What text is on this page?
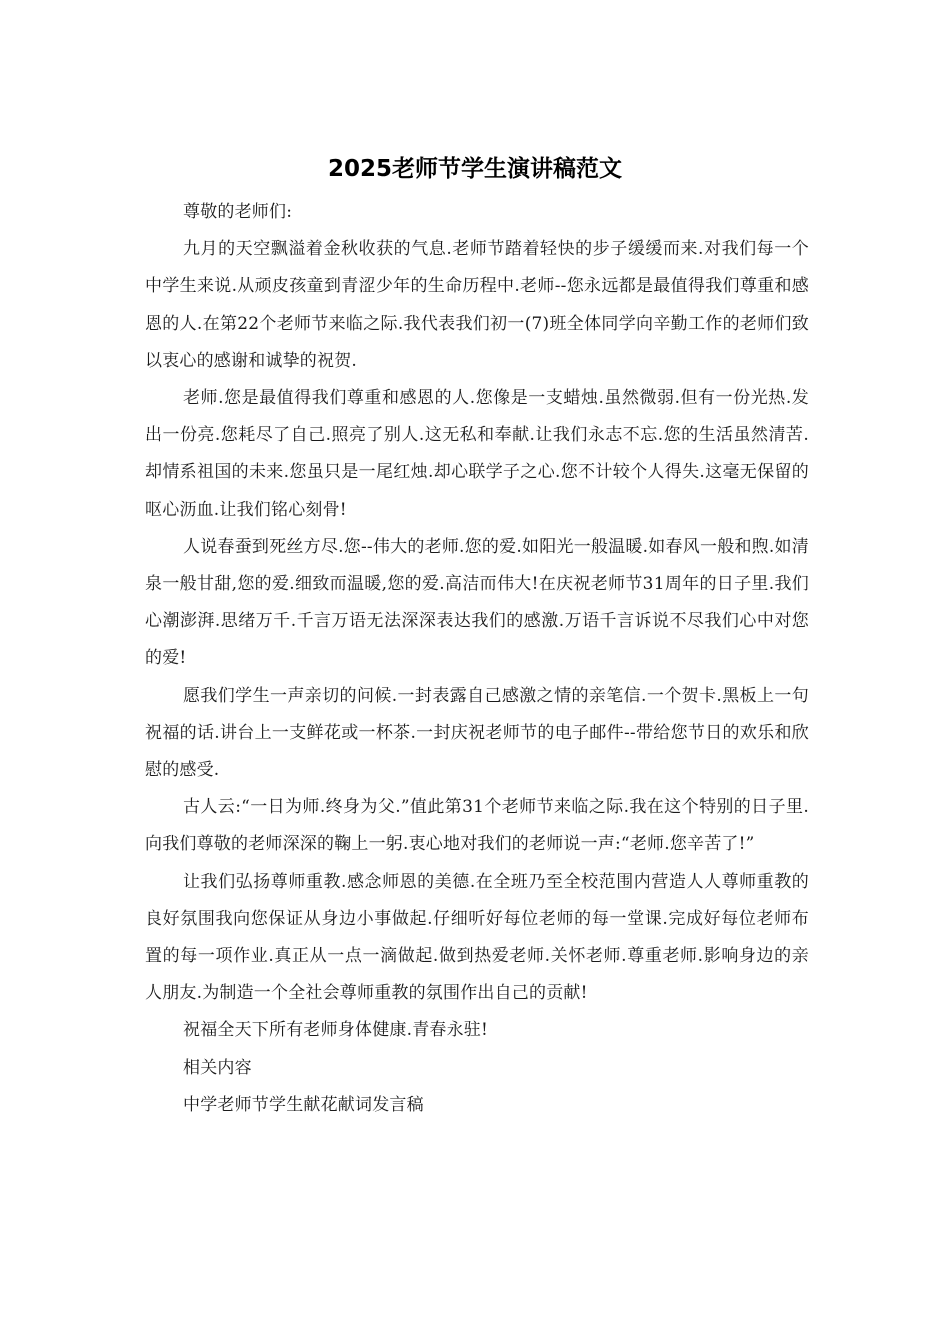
2025老师节学生演讲稿范文

尊敬的老师们:

九月的天空飘溢着金秋收获的气息.老师节踏着轻快的步子缓缓而来.对我们每一个中学生来说.从顽皮孩童到青涩少年的生命历程中.老师--您永远都是最值得我们尊重和感恩的人.在第22个老师节来临之际.我代表我们初一(7)班全体同学向辛勤工作的老师们致以衷心的感谢和诚挚的祝贺.

老师.您是最值得我们尊重和感恩的人.您像是一支蜡烛.虽然微弱.但有一份光热.发出一份亮.您耗尽了自己.照亮了别人.这无私和奉献.让我们永志不忘.您的生活虽然清苦.却情系祖国的未来.您虽只是一尾红烛.却心联学子之心.您不计较个人得失.这毫无保留的呕心沥血.让我们铭心刻骨!

人说春蚕到死丝方尽.您--伟大的老师.您的爱.如阳光一般温暖.如春风一般和煦.如清泉一般甘甜,您的爱.细致而温暖,您的爱.高洁而伟大!在庆祝老师节31周年的日子里.我们心潮澎湃.思绪万千.千言万语无法深深表达我们的感激.万语千言诉说不尽我们心中对您的爱!

愿我们学生一声亲切的问候.一封表露自己感激之情的亲笔信.一个贺卡.黑板上一句祝福的话.讲台上一支鲜花或一杯茶.一封庆祝老师节的电子邮件--带给您节日的欢乐和欣慰的感受.

古人云:“一日为师.终身为父.”值此第31个老师节来临之际.我在这个特别的日子里.向我们尊敬的老师深深的鞠上一躬.衷心地对我们的老师说一声:“老师.您辛苦了!”

让我们弘扬尊师重教.感念师恩的美德.在全班乃至全校范围内营造人人尊师重教的良好氛围我向您保证从身边小事做起.仔细听好每位老师的每一堂课.完成好每位老师布置的每一项作业.真正从一点一滴做起.做到热爱老师.关怀老师.尊重老师.影响身边的亲人朋友.为制造一个全社会尊师重教的氛围作出自己的贡献!

祝福全天下所有老师身体健康.青春永驻!

相关内容

中学老师节学生献花献词发言稿
